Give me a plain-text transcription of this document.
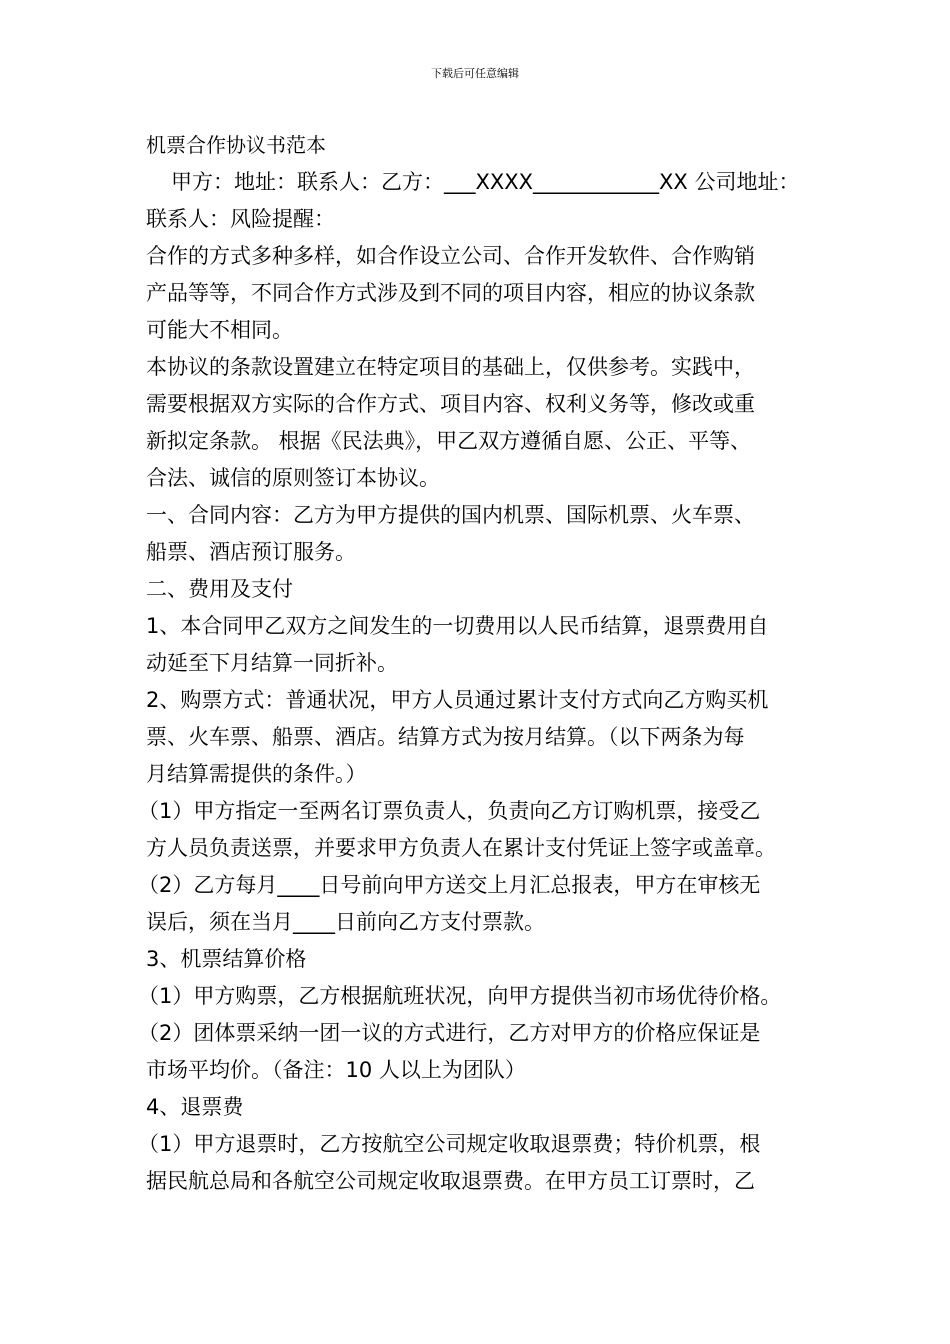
下载后可任意编辑
机票合作协议书范本
甲方：地址：联系人：乙方：___XXXX____________XX 公司地址：
联系人：风险提醒：
合作的方式多种多样，如合作设立公司、合作开发软件、合作购销
产品等等，不同合作方式涉及到不同的项目内容，相应的协议条款
可能大不相同。
本协议的条款设置建立在特定项目的基础上，仅供参考。实践中，
需要根据双方实际的合作方式、项目内容、权利义务等，修改或重
新拟定条款。 根据《民法典》，甲乙双方遵循自愿、公正、平等、
合法、诚信的原则签订本协议。
一、合同内容：乙方为甲方提供的国内机票、国际机票、火车票、
船票、酒店预订服务。
二、费用及支付
1、本合同甲乙双方之间发生的一切费用以人民币结算，退票费用自
动延至下月结算一同折补。
2、购票方式：普通状况，甲方人员通过累计支付方式向乙方购买机
票、火车票、船票、酒店。结算方式为按月结算。（以下两条为每
月结算需提供的条件。）
（1）甲方指定一至两名订票负责人，负责向乙方订购机票，接受乙
方人员负责送票，并要求甲方负责人在累计支付凭证上签字或盖章。
（2）乙方每月____日号前向甲方送交上月汇总报表，甲方在审核无
误后，须在当月____日前向乙方支付票款。
3、机票结算价格
（1）甲方购票，乙方根据航班状况，向甲方提供当初市场优待价格。
（2）团体票采纳一团一议的方式进行，乙方对甲方的价格应保证是
市场平均价。（备注：10 人以上为团队）
4、退票费
（1）甲方退票时，乙方按航空公司规定收取退票费；特价机票，根
据民航总局和各航空公司规定收取退票费。在甲方员工订票时，乙
